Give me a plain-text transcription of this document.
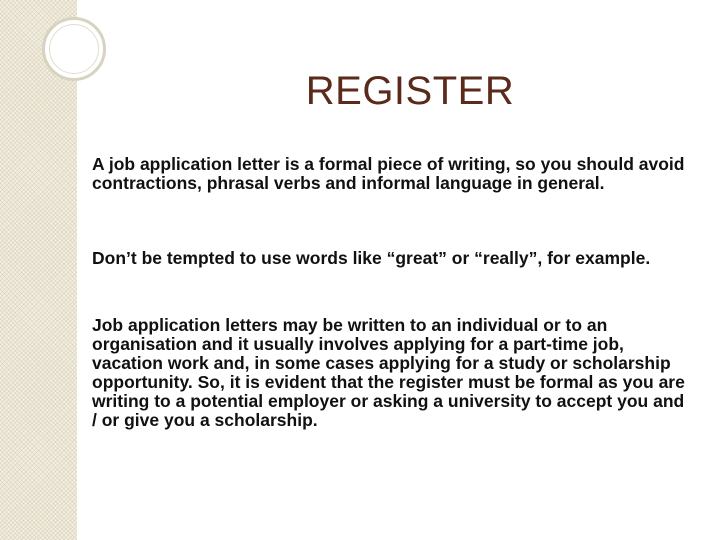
REGISTER

A job application letter is a formal piece of writing, so you should avoid contractions, phrasal verbs and informal language in general.

Don’t be tempted to use words like “great” or “really”, for example.

Job application letters may be written to an individual or to an organisation and it usually involves applying for a part-time job, vacation work and, in some cases applying for a study or scholarship opportunity. So, it is evident that the register must be formal as you are writing to a potential employer or asking a university to accept you and / or give you a scholarship.
